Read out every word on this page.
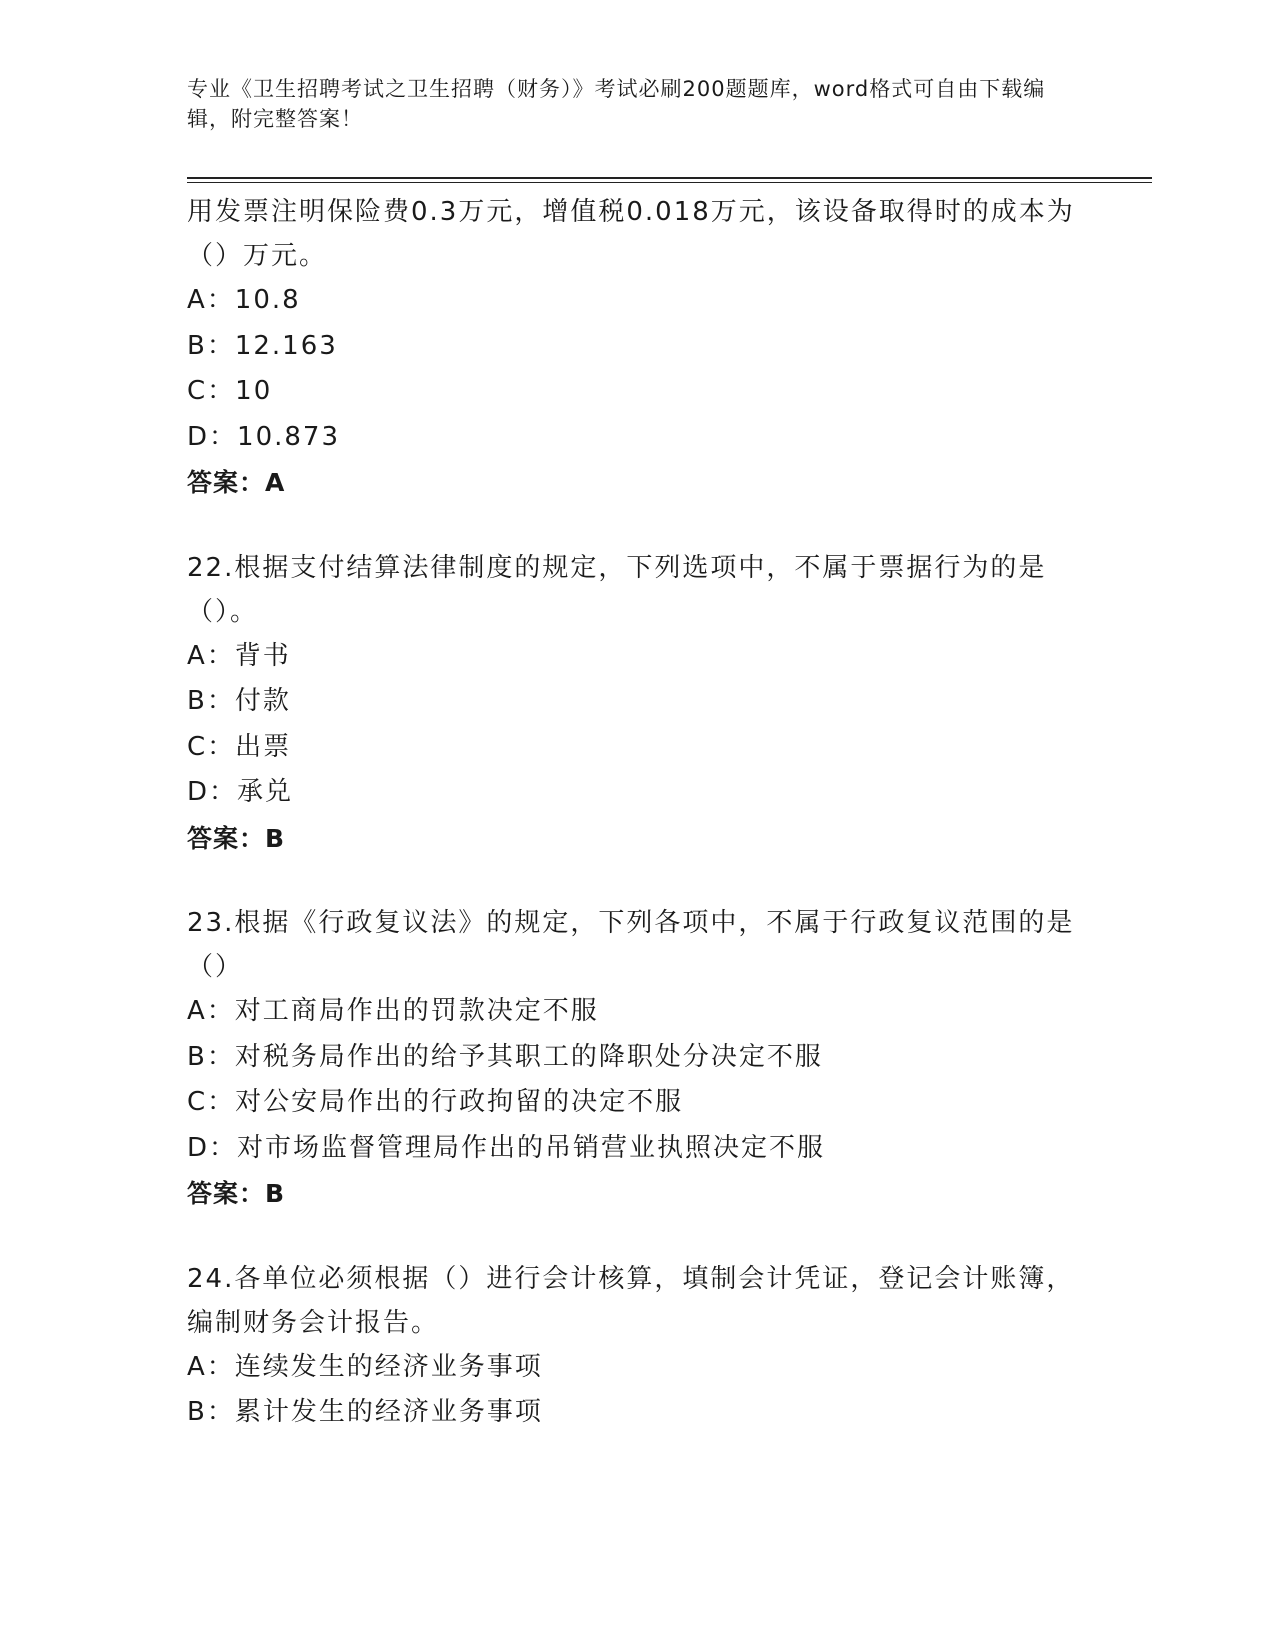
专业《卫生招聘考试之卫生招聘（财务）》考试必刷200题题库，word格式可自由下载编辑，附完整答案！
用发票注明保险费0.3万元，增值税0.018万元，该设备取得时的成本为（）万元。
A：10.8
B：12.163
C：10
D：10.873
答案：A
22.根据支付结算法律制度的规定，下列选项中，不属于票据行为的是（）。
A：背书
B：付款
C：出票
D：承兑
答案：B
23.根据《行政复议法》的规定，下列各项中，不属于行政复议范围的是（）
A：对工商局作出的罚款决定不服
B：对税务局作出的给予其职工的降职处分决定不服
C：对公安局作出的行政拘留的决定不服
D：对市场监督管理局作出的吊销营业执照决定不服
答案：B
24.各单位必须根据（）进行会计核算，填制会计凭证，登记会计账簿，编制财务会计报告。
A：连续发生的经济业务事项
B：累计发生的经济业务事项
